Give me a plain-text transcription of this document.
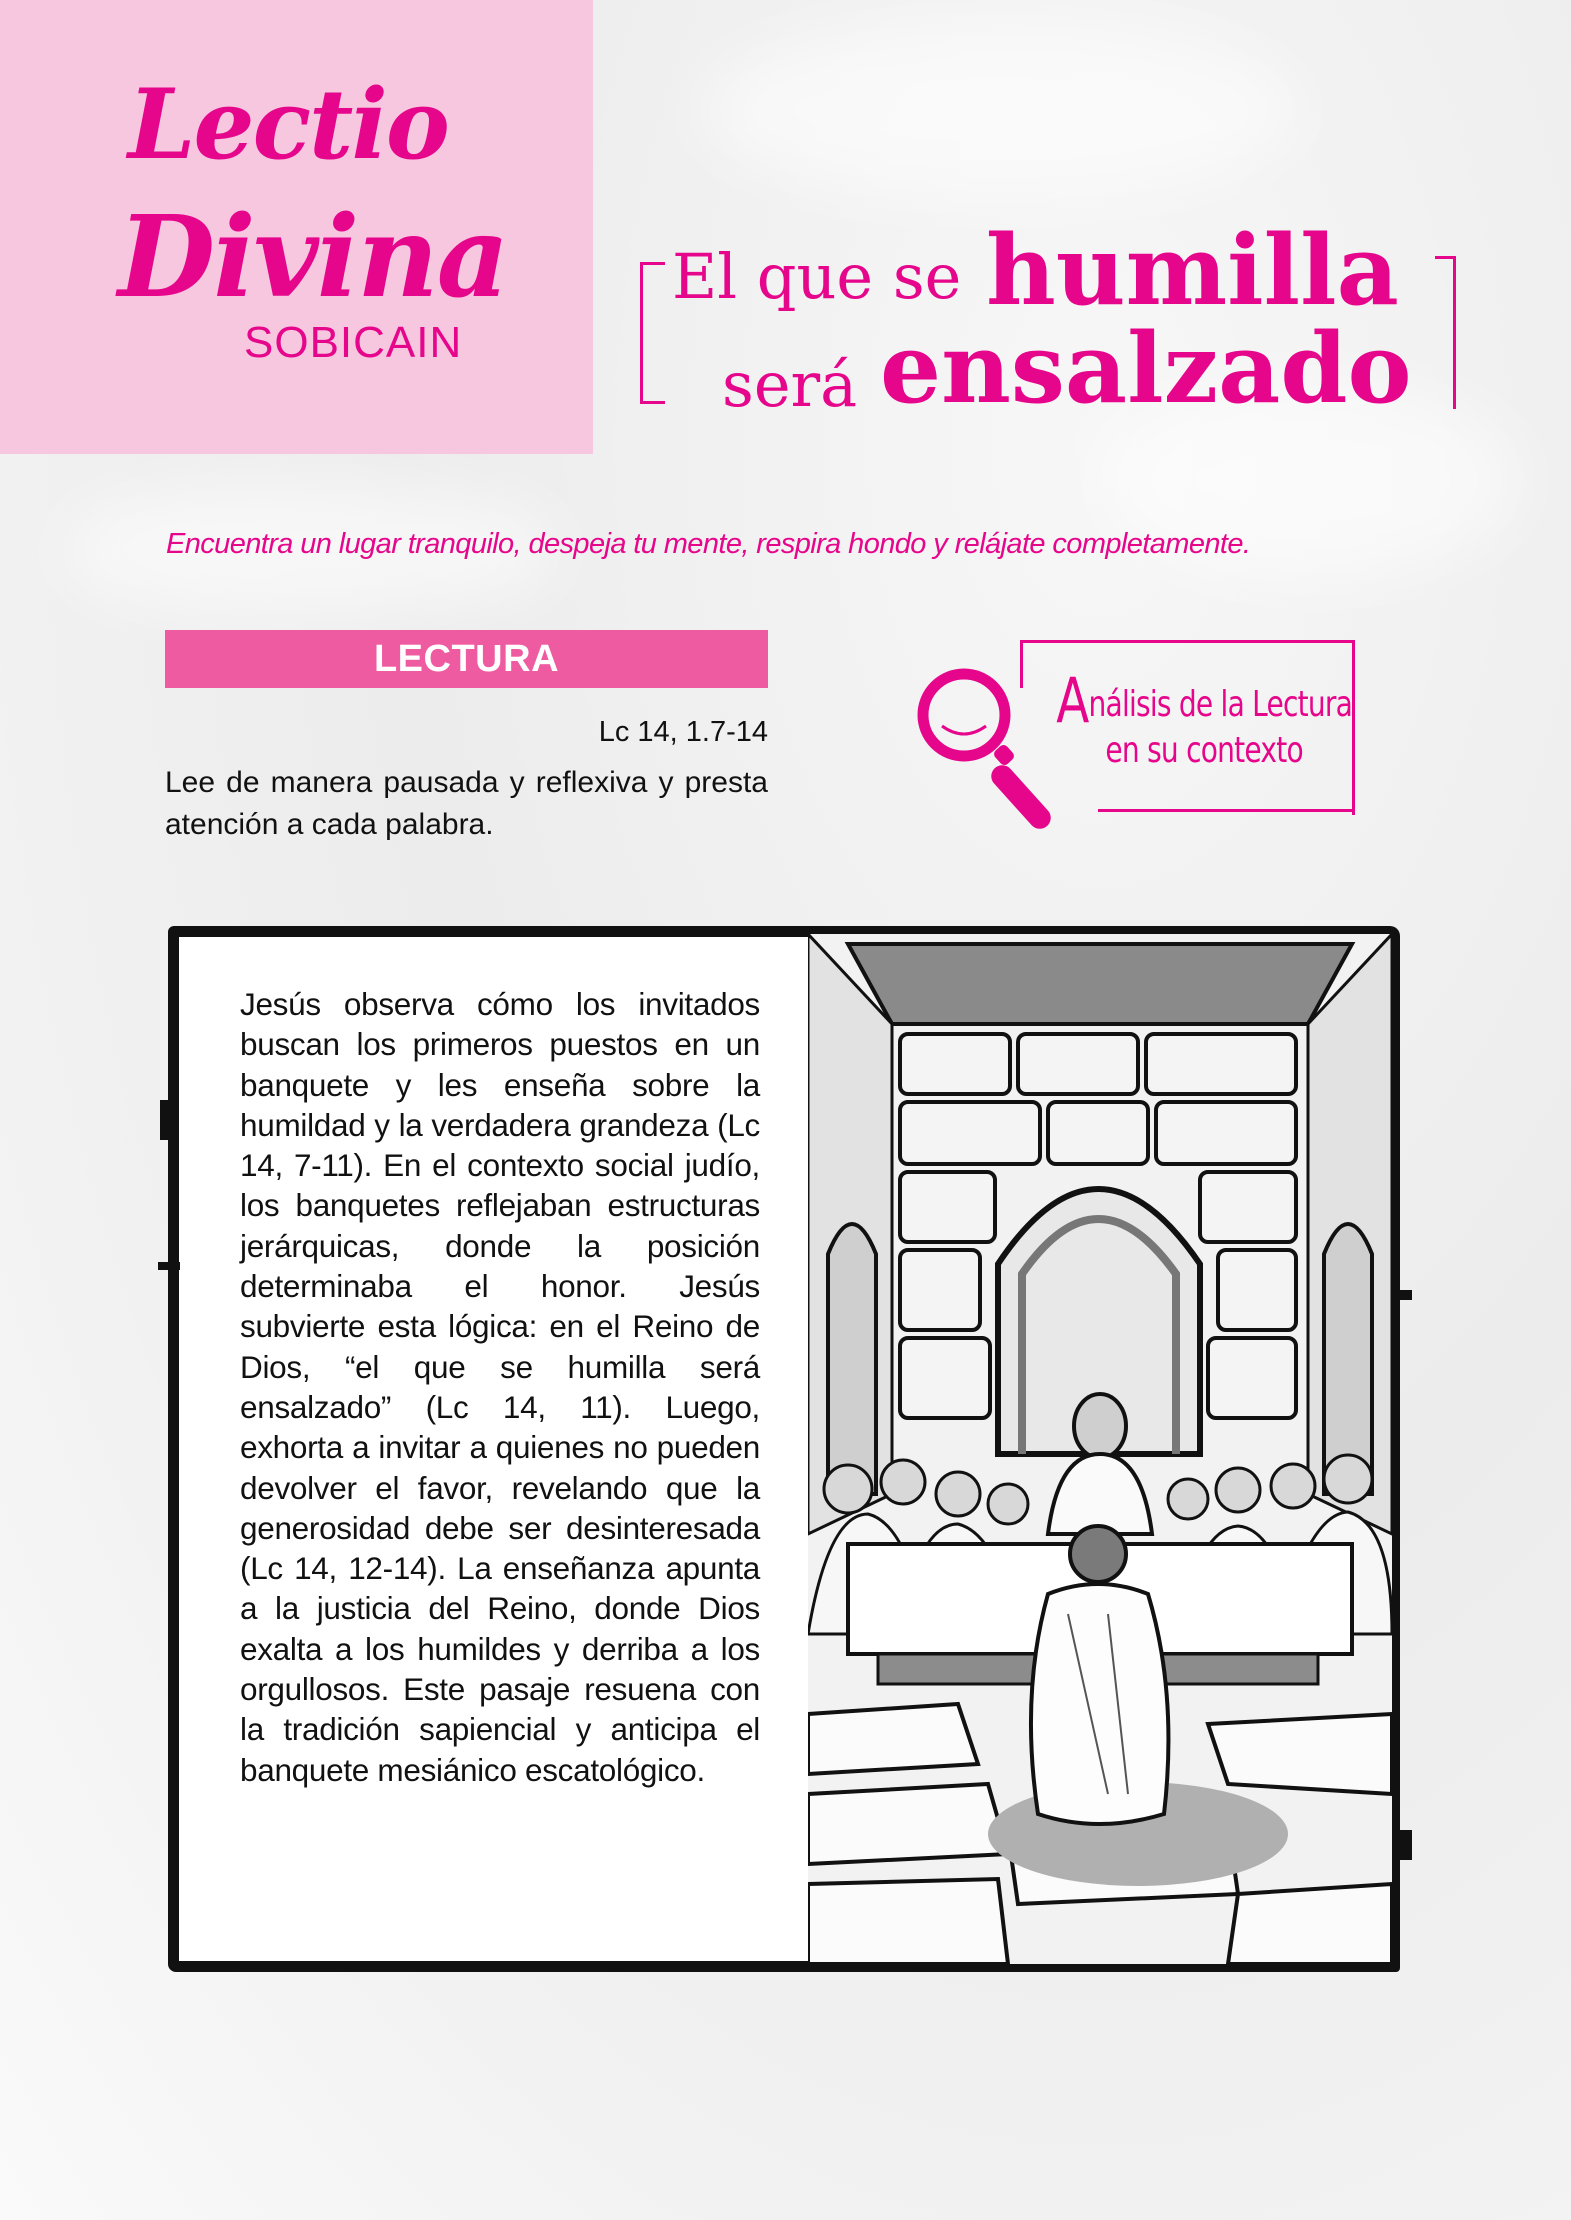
Lectio
Divina
SOBICAIN
El que se humilla
será ensalzado
Encuentra un lugar tranquilo, despeja tu mente, respira hondo y relájate completamente.
LECTURA
Lc 14, 1.7-14
Lee de manera pausada y reflexiva y presta atención a cada palabra.
Análisis de la Lectura
en su contexto
Jesús observa cómo los invitados buscan los primeros puestos en un banquete y les enseña sobre la humildad y la verdadera grandeza (Lc 14, 7-11). En el contexto social judío, los banquetes reflejaban estructuras jerárquicas, donde la posición determinaba el honor. Jesús subvierte esta lógica: en el Reino de Dios, “el que se humilla será ensalzado” (Lc 14, 11). Luego, exhorta a invitar a quienes no pueden devolver el favor, revelando que la generosidad debe ser desinteresada (Lc 14, 12-14). La enseñanza apunta a la justicia del Reino, donde Dios exalta a los humildes y derriba a los orgullosos. Este pasaje resuena con la tradición sapiencial y anticipa el banquete mesiánico escatológico.
